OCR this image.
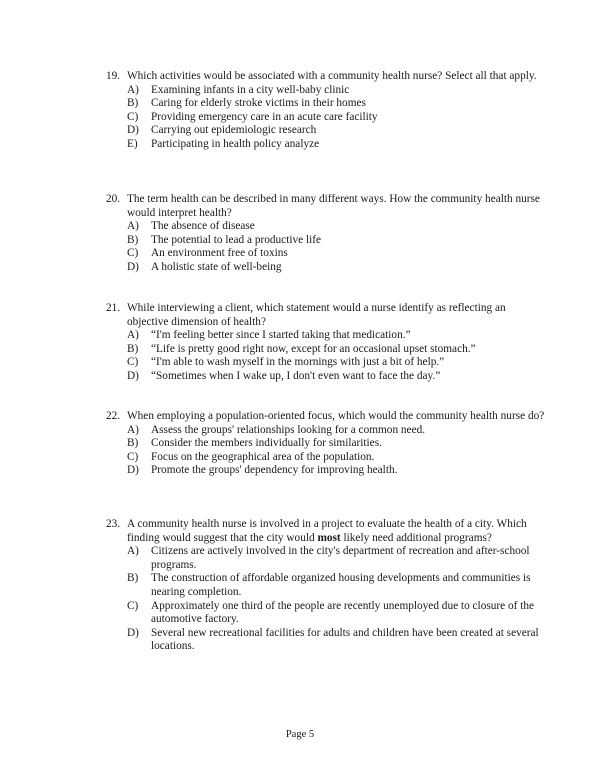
19. Which activities would be associated with a community health nurse? Select all that apply.
A)	Examining infants in a city well-baby clinic
B)	Caring for elderly stroke victims in their homes
C)	Providing emergency care in an acute care facility
D)	Carrying out epidemiologic research
E)	Participating in health policy analyze
20. The term health can be described in many different ways. How the community health nurse would interpret health?
A)	The absence of disease
B)	The potential to lead a productive life
C)	An environment free of toxins
D)	A holistic state of well-being
21. While interviewing a client, which statement would a nurse identify as reflecting an objective dimension of health?
A)	“I'm feeling better since I started taking that medication.”
B)	“Life is pretty good right now, except for an occasional upset stomach.”
C)	“I'm able to wash myself in the mornings with just a bit of help.”
D)	“Sometimes when I wake up, I don't even want to face the day.”
22. When employing a population-oriented focus, which would the community health nurse do?
A)	Assess the groups' relationships looking for a common need.
B)	Consider the members individually for similarities.
C)	Focus on the geographical area of the population.
D)	Promote the groups' dependency for improving health.
23. A community health nurse is involved in a project to evaluate the health of a city. Which finding would suggest that the city would most likely need additional programs?
A)	Citizens are actively involved in the city's department of recreation and after-school programs.
B)	The construction of affordable organized housing developments and communities is nearing completion.
C)	Approximately one third of the people are recently unemployed due to closure of the automotive factory.
D)	Several new recreational facilities for adults and children have been created at several locations.
Page 5
